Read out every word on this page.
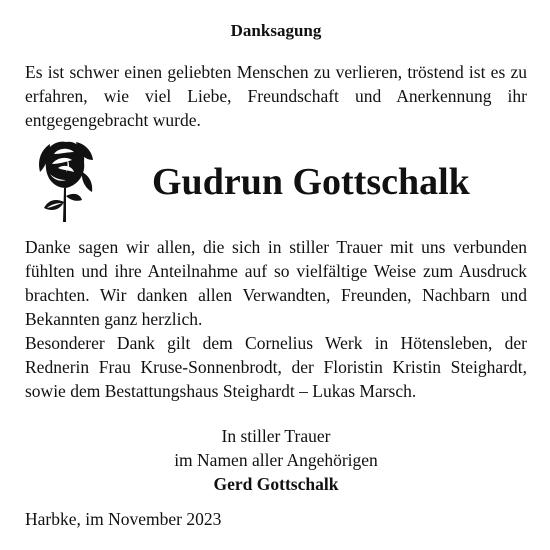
Danksagung

Es ist schwer einen geliebten Menschen zu verlieren, tröstend ist es zu erfahren, wie viel Liebe, Freundschaft und Anerkennung ihr entgegengebracht wurde.

Gudrun Gottschalk

Danke sagen wir allen, die sich in stiller Trauer mit uns verbunden fühlten und ihre Anteilnahme auf so vielfältige Weise zum Ausdruck brachten. Wir danken allen Verwandten, Freunden, Nachbarn und Bekannten ganz herzlich.

Besonderer Dank gilt dem Cornelius Werk in Hötensleben, der Rednerin Frau Kruse-Sonnenbrodt, der Floristin Kristin Steighardt, sowie dem Bestattungshaus Steighardt – Lukas Marsch.

In stiller Trauer
im Namen aller Angehörigen
Gerd Gottschalk
Harbke, im November 2023
